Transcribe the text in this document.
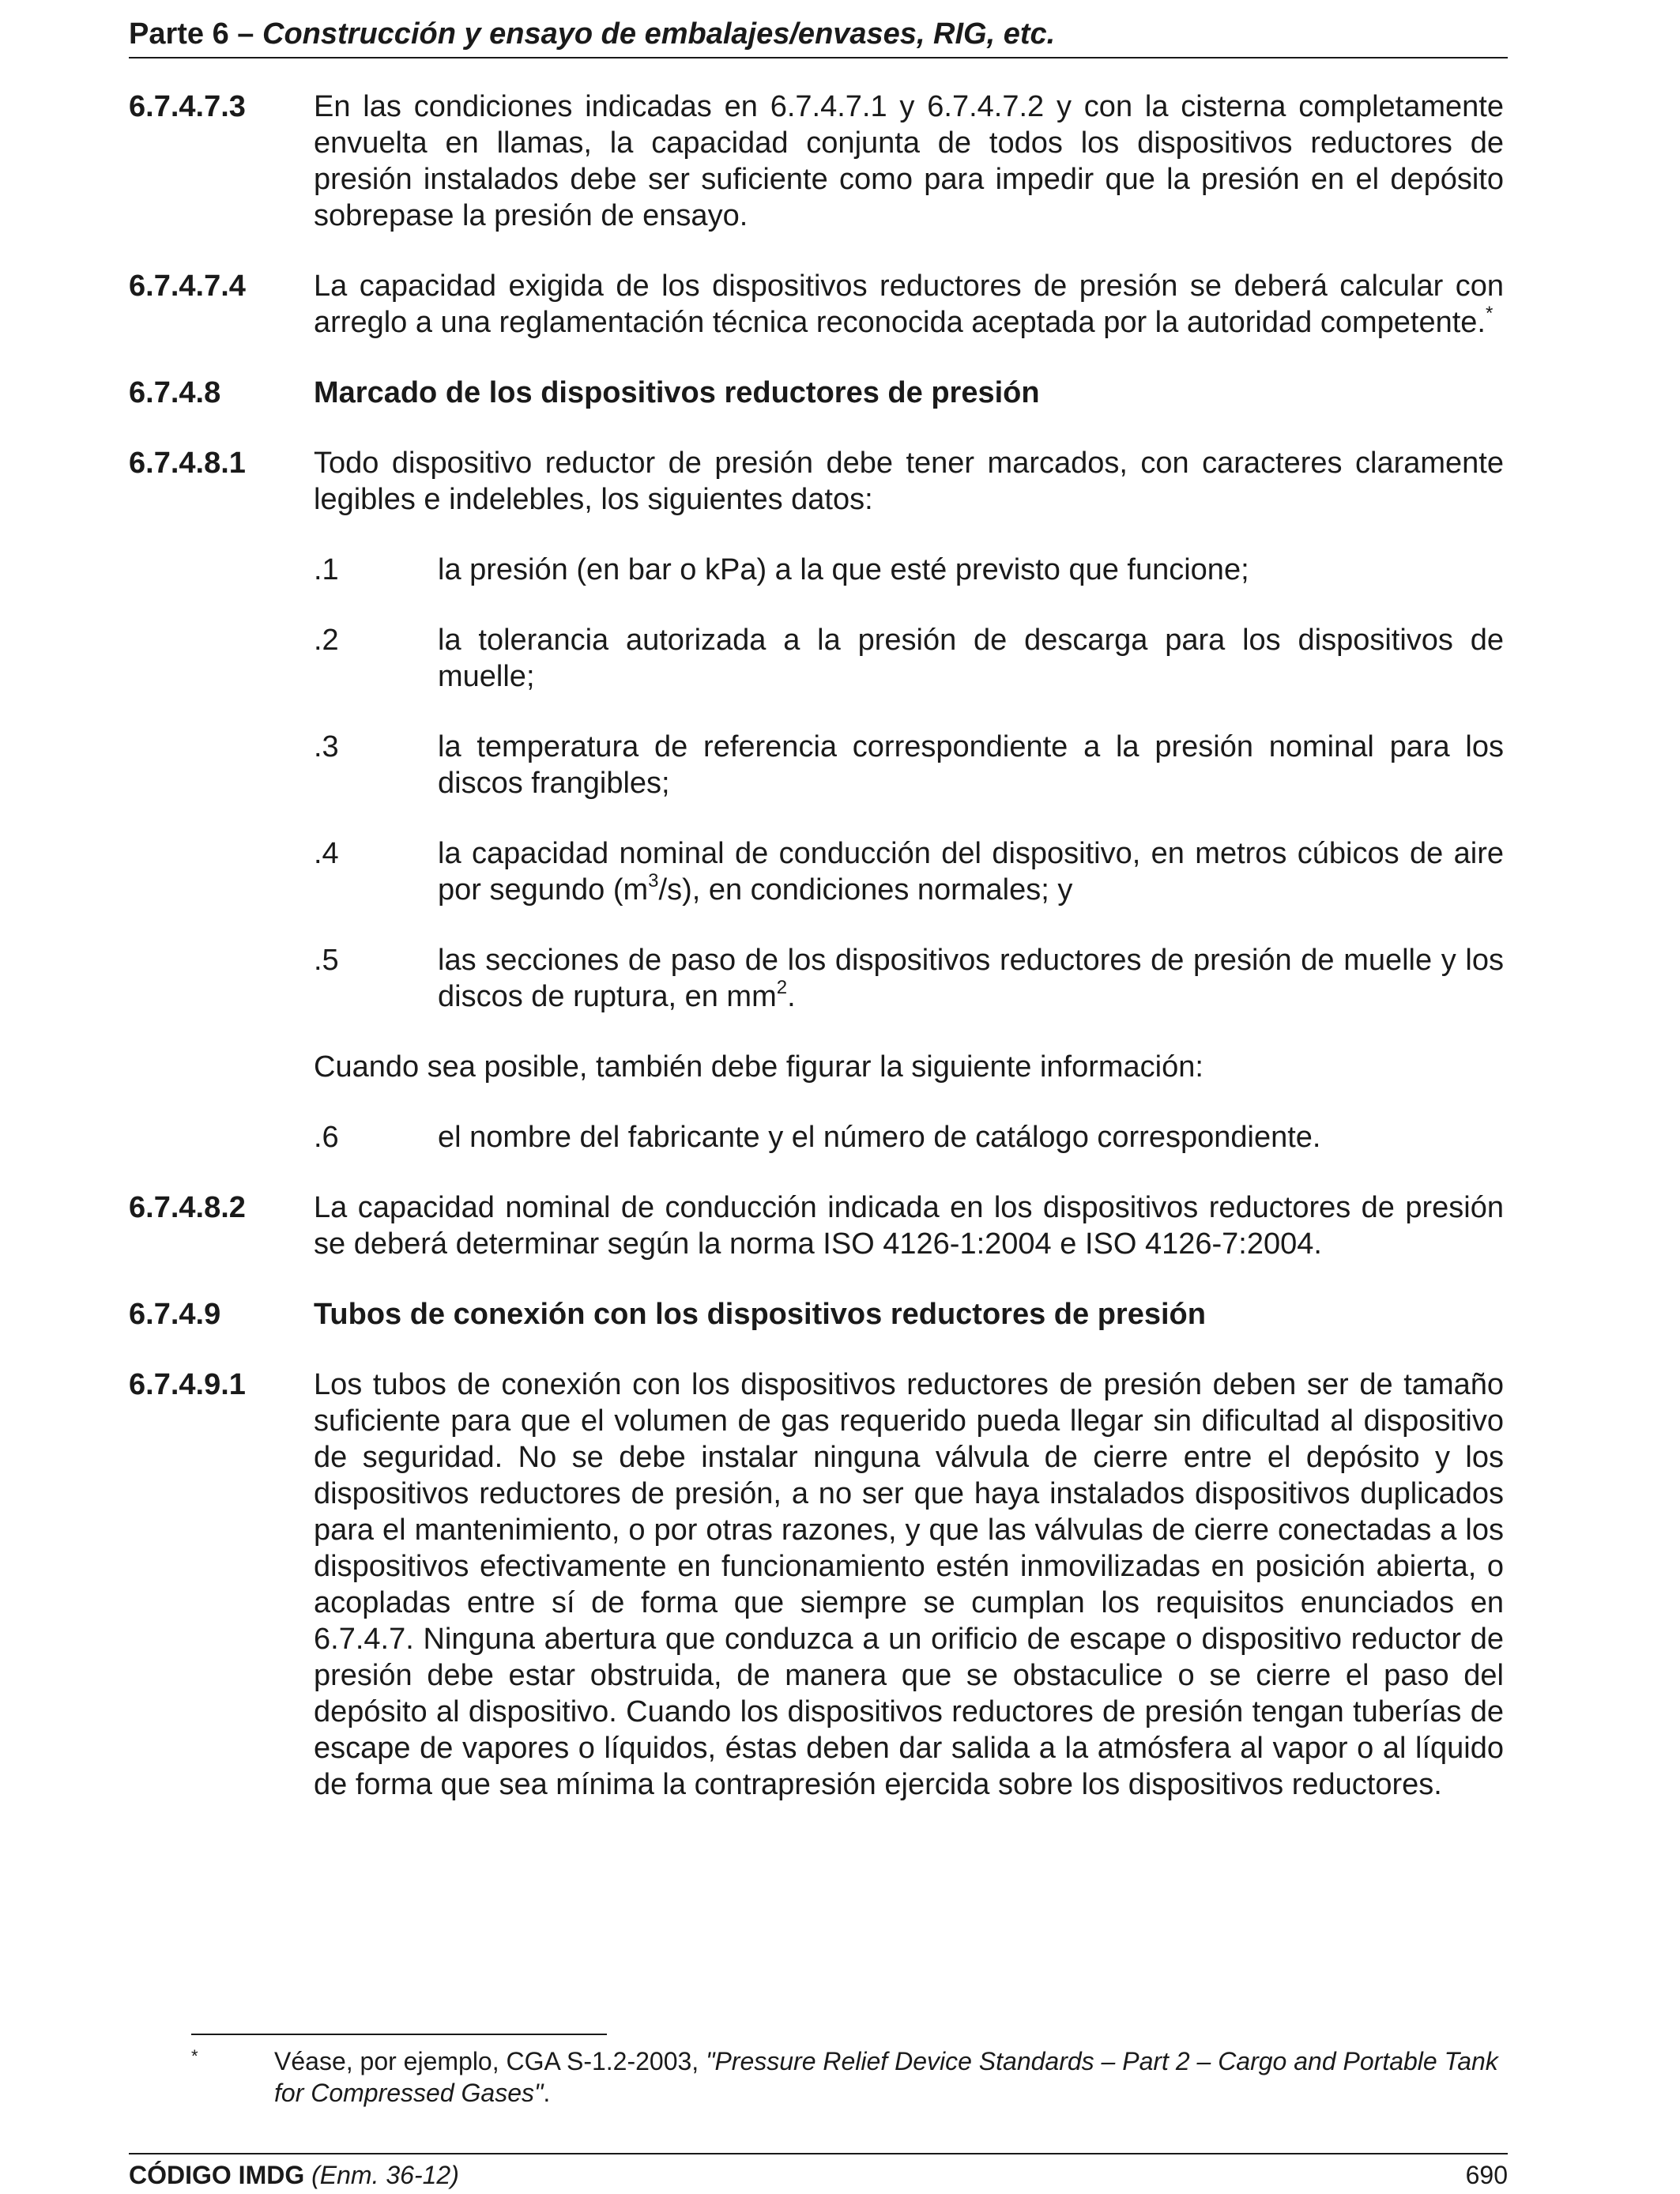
Parte 6 – Construcción y ensayo de embalajes/envases, RIG, etc.
6.7.4.7.3	En las condiciones indicadas en 6.7.4.7.1 y 6.7.4.7.2 y con la cisterna completamente envuelta en llamas, la capacidad conjunta de todos los dispositivos reductores de presión instalados debe ser suficiente como para impedir que la presión en el depósito sobrepase la presión de ensayo.
6.7.4.7.4	La capacidad exigida de los dispositivos reductores de presión se deberá calcular con arreglo a una reglamentación técnica reconocida aceptada por la autoridad competente.*
6.7.4.8	Marcado de los dispositivos reductores de presión
6.7.4.8.1	Todo dispositivo reductor de presión debe tener marcados, con caracteres claramente legibles e indelebles, los siguientes datos:
.1	la presión (en bar o kPa) a la que esté previsto que funcione;
.2	la tolerancia autorizada a la presión de descarga para los dispositivos de muelle;
.3	la temperatura de referencia correspondiente a la presión nominal para los discos frangibles;
.4	la capacidad nominal de conducción del dispositivo, en metros cúbicos de aire por segundo $(m^3/s)$, en condiciones normales; y
.5	las secciones de paso de los dispositivos reductores de presión de muelle y los discos de ruptura, en $mm^2$.
Cuando sea posible, también debe figurar la siguiente información:
.6	el nombre del fabricante y el número de catálogo correspondiente.
6.7.4.8.2	La capacidad nominal de conducción indicada en los dispositivos reductores de presión se deberá determinar según la norma ISO 4126-1:2004 e ISO 4126-7:2004.
6.7.4.9	Tubos de conexión con los dispositivos reductores de presión
6.7.4.9.1	Los tubos de conexión con los dispositivos reductores de presión deben ser de tamaño suficiente para que el volumen de gas requerido pueda llegar sin dificultad al dispositivo de seguridad. No se debe instalar ninguna válvula de cierre entre el depósito y los dispositivos reductores de presión, a no ser que haya instalados dispositivos duplicados para el mantenimiento, o por otras razones, y que las válvulas de cierre conectadas a los dispositivos efectivamente en funcionamiento estén inmovilizadas en posición abierta, o acopladas entre sí de forma que siempre se cumplan los requisitos enunciados en 6.7.4.7. Ninguna abertura que conduzca a un orificio de escape o dispositivo reductor de presión debe estar obstruida, de manera que se obstaculice o se cierre el paso del depósito al dispositivo. Cuando los dispositivos reductores de presión tengan tuberías de escape de vapores o líquidos, éstas deben dar salida a la atmósfera al vapor o al líquido de forma que sea mínima la contrapresión ejercida sobre los dispositivos reductores.
*	Véase, por ejemplo, CGA S-1.2-2003, "Pressure Relief Device Standards – Part 2 – Cargo and Portable Tank for Compressed Gases".
CÓDIGO IMDG (Enm. 36-12)	690
